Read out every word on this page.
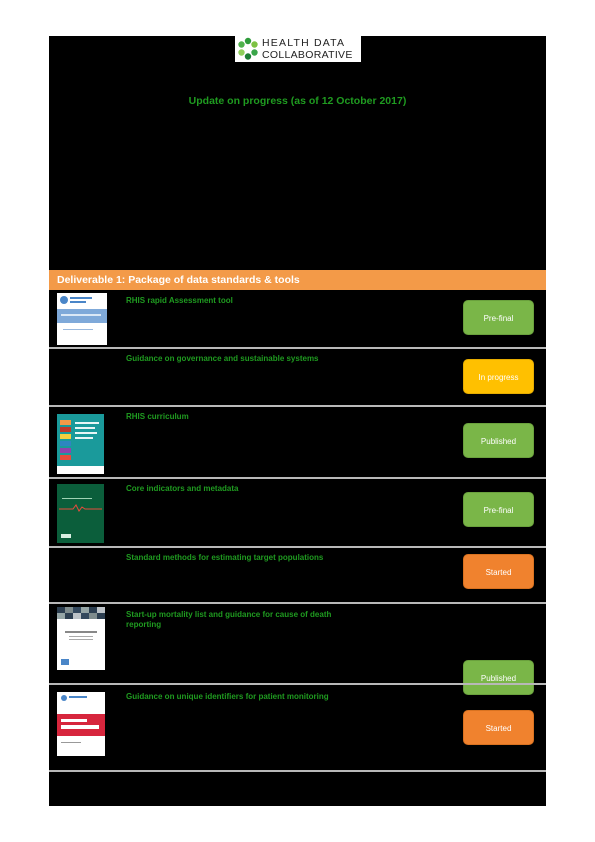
HEALTH DATA
COLLABORATIVE
Update on progress (as of 12 October 2017)
Deliverable 1: Package of data standards & tools
RHIS rapid Assessment tool
Pre-final
Guidance on governance and sustainable systems
In progress
RHIS curriculum
Published
Core indicators and metadata
Pre-final
Standard methods for estimating target populations
Started
Start-up mortality list and guidance for cause of death reporting
Published
Guidance on unique identifiers for patient monitoring
Started
